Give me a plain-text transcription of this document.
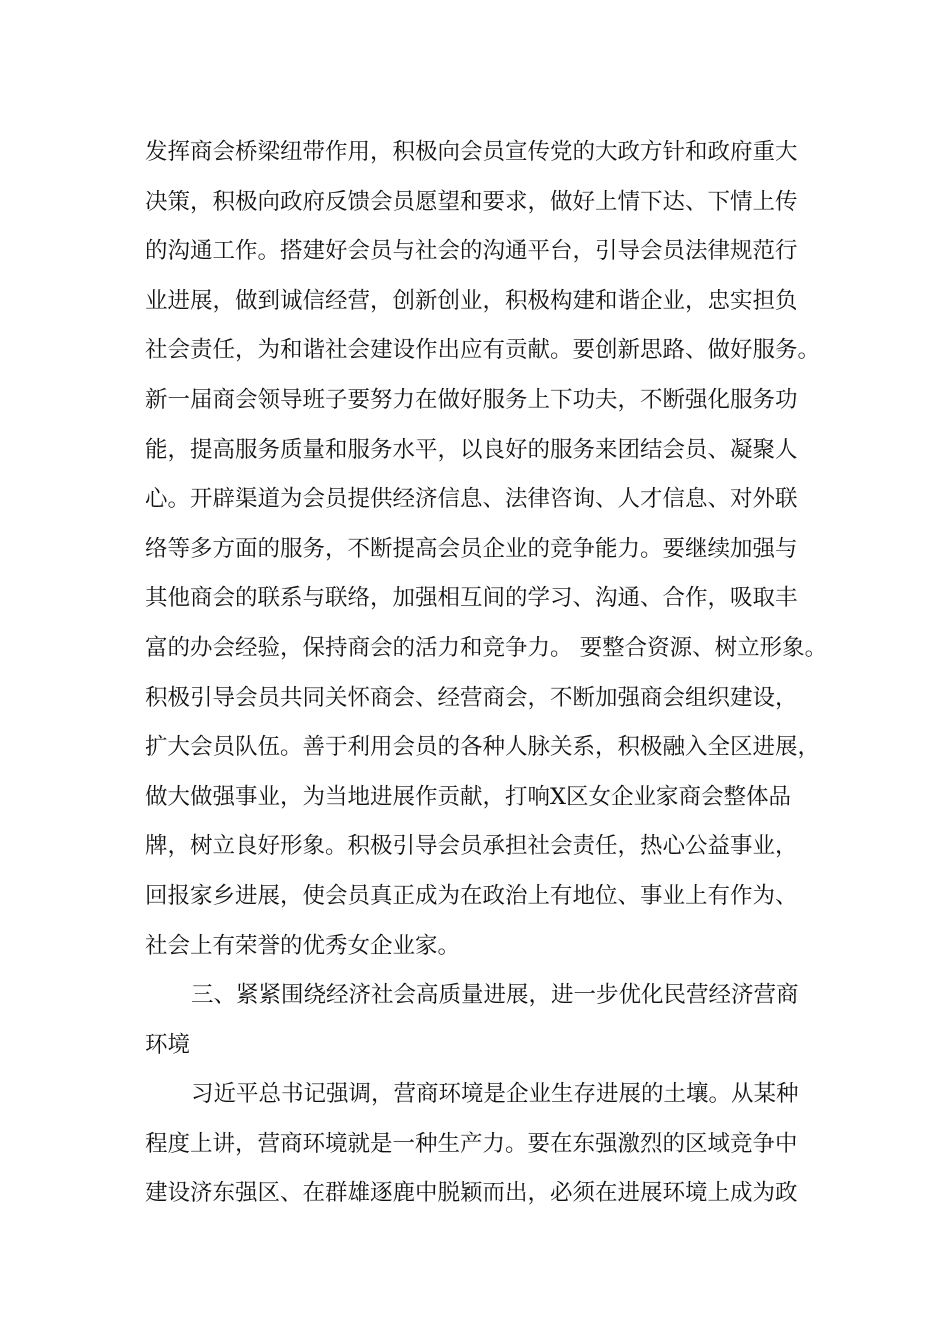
发挥商会桥梁纽带作用，积极向会员宣传党的大政方针和政府重大
决策，积极向政府反馈会员愿望和要求，做好上情下达、下情上传
的沟通工作。搭建好会员与社会的沟通平台，引导会员法律规范行
业进展，做到诚信经营，创新创业，积极构建和谐企业，忠实担负
社会责任，为和谐社会建设作出应有贡献。要创新思路、做好服务。
新一届商会领导班子要努力在做好服务上下功夫，不断强化服务功
能，提高服务质量和服务水平，以良好的服务来团结会员、凝聚人
心。开辟渠道为会员提供经济信息、法律咨询、人才信息、对外联
络等多方面的服务，不断提高会员企业的竞争能力。要继续加强与
其他商会的联系与联络，加强相互间的学习、沟通、合作，吸取丰
富的办会经验，保持商会的活力和竞争力。 要整合资源、树立形象。
积极引导会员共同关怀商会、经营商会，不断加强商会组织建设，
扩大会员队伍。善于利用会员的各种人脉关系，积极融入全区进展，
做大做强事业，为当地进展作贡献，打响X区女企业家商会整体品
牌，树立良好形象。积极引导会员承担社会责任，热心公益事业，
回报家乡进展，使会员真正成为在政治上有地位、事业上有作为、
社会上有荣誉的优秀女企业家。
三、紧紧围绕经济社会高质量进展，进一步优化民营经济营商
环境
习近平总书记强调，营商环境是企业生存进展的土壤。从某种
程度上讲，营商环境就是一种生产力。要在东强激烈的区域竞争中
建设济东强区、在群雄逐鹿中脱颖而出，必须在进展环境上成为政
